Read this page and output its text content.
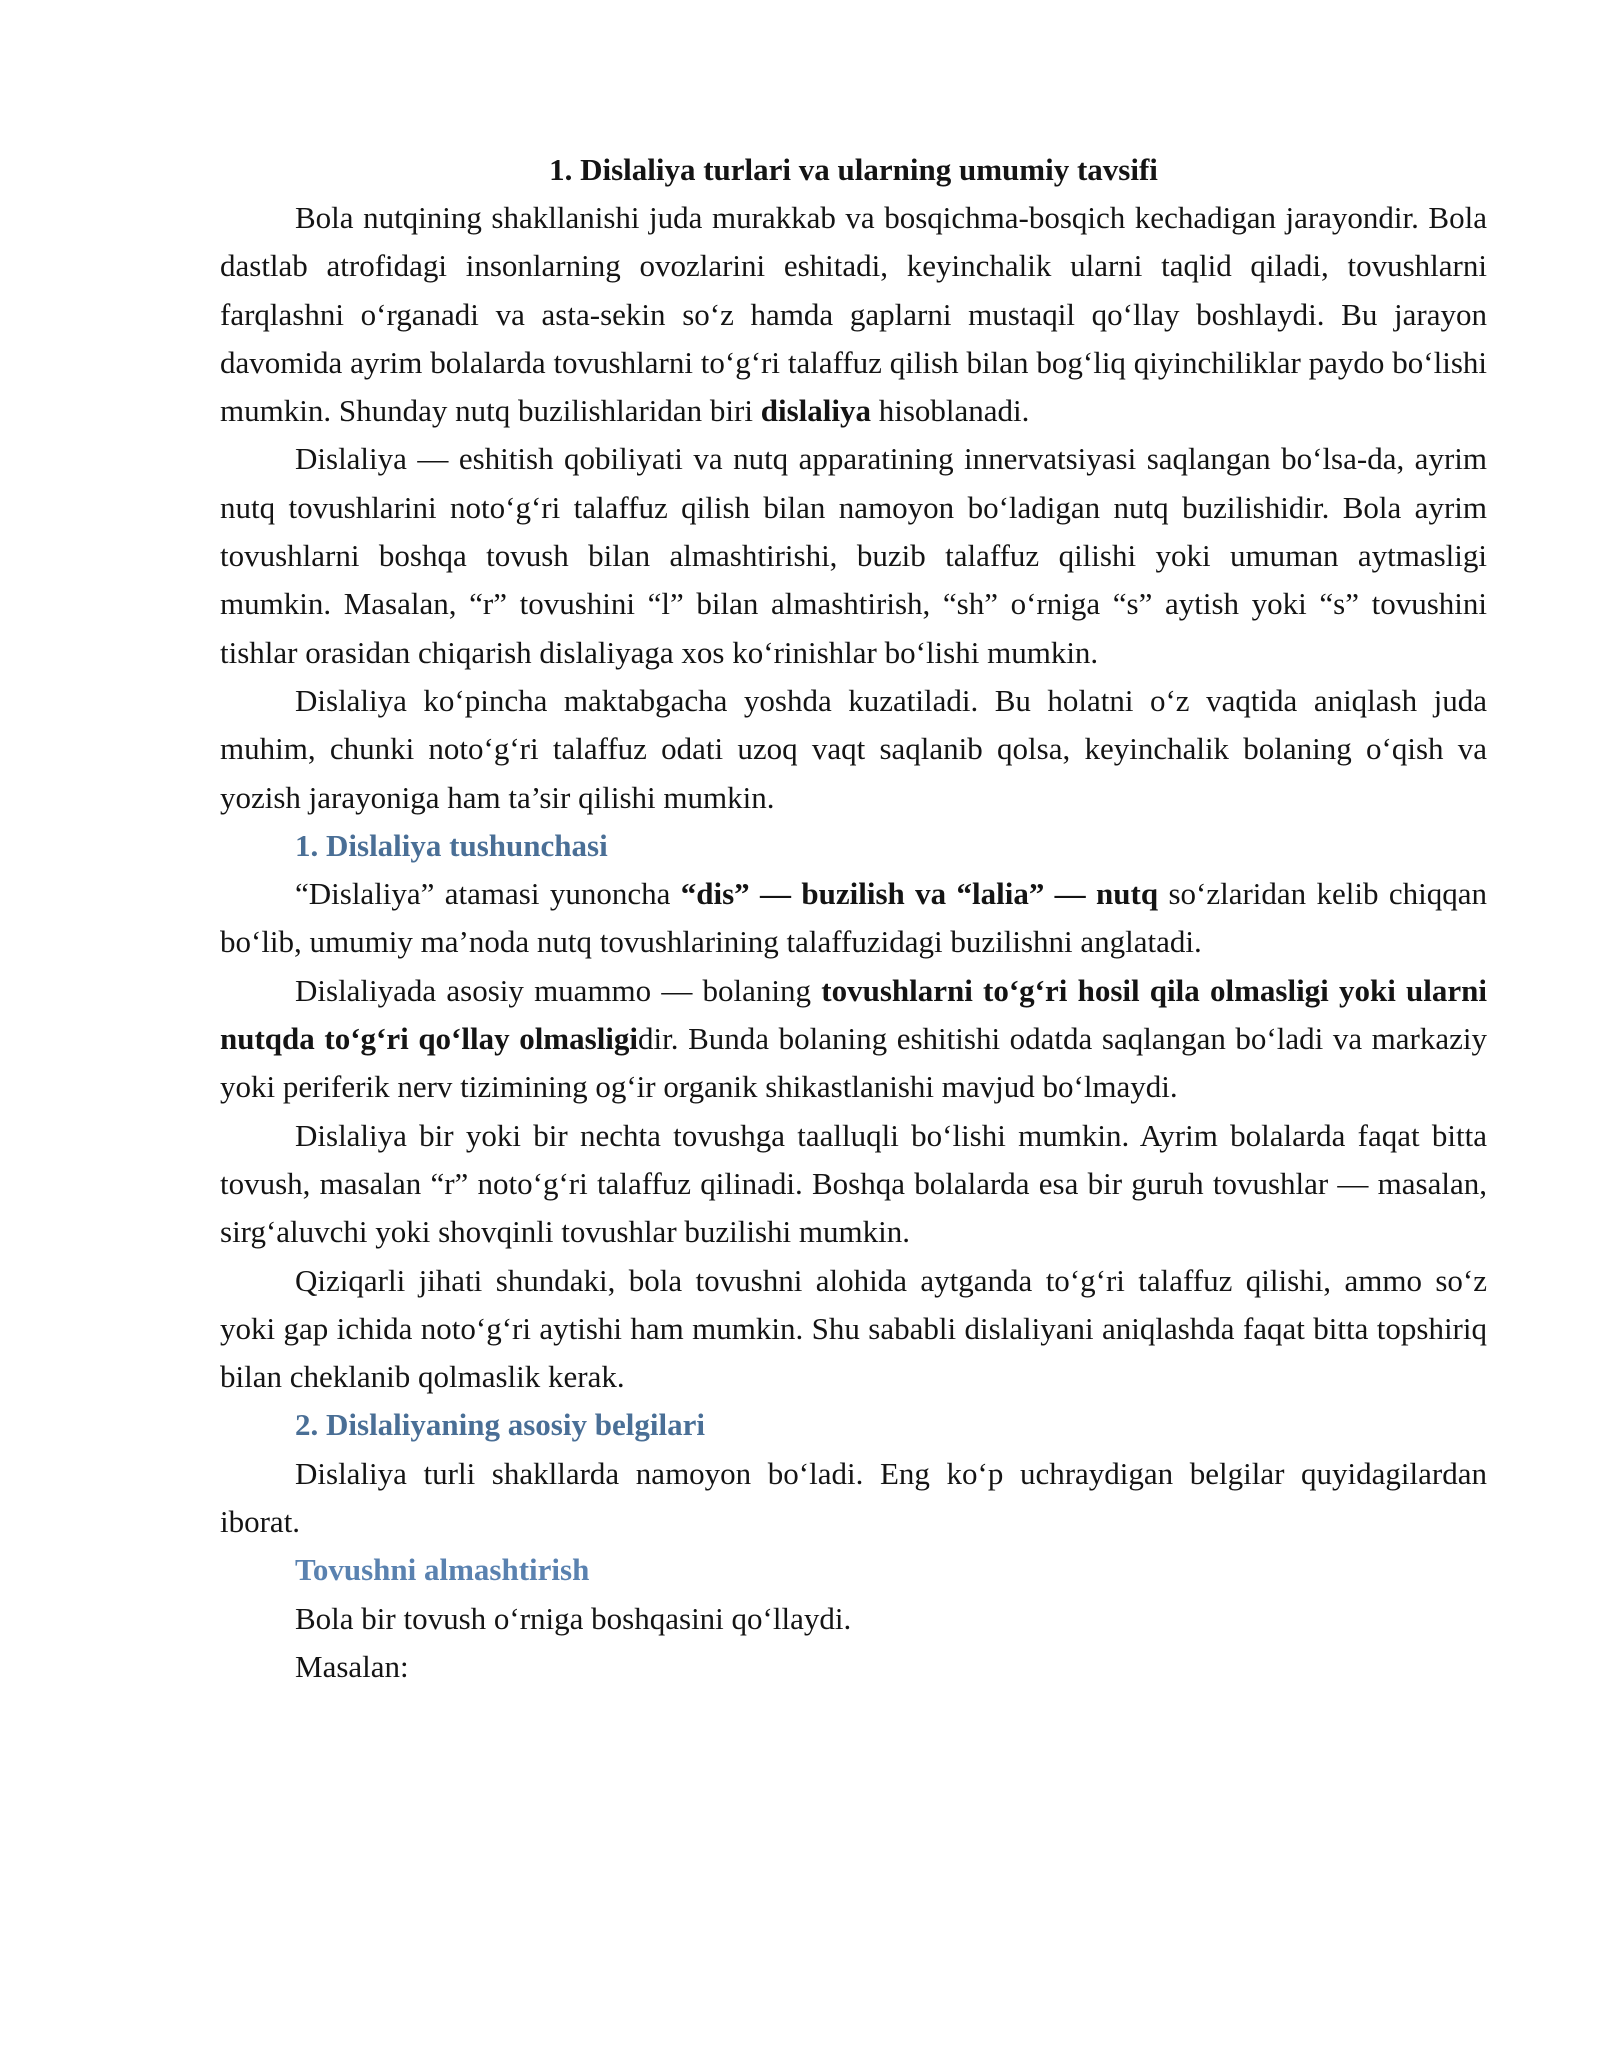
1. Dislaliya turlari va ularning umumiy tavsifi

Bola nutqining shakllanishi juda murakkab va bosqichma-bosqich kechadigan jarayondir. Bola dastlab atrofidagi insonlarning ovozlarini eshitadi, keyinchalik ularni taqlid qiladi, tovushlarni farqlashni o‘rganadi va asta-sekin so‘z hamda gaplarni mustaqil qo‘llay boshlaydi. Bu jarayon davomida ayrim bolalarda tovushlarni to‘g‘ri talaffuz qilish bilan bog‘liq qiyinchiliklar paydo bo‘lishi mumkin. Shunday nutq buzilishlaridan biri dislaliya hisoblanadi.

Dislaliya — eshitish qobiliyati va nutq apparatining innervatsiyasi saqlangan bo‘lsa-da, ayrim nutq tovushlarini noto‘g‘ri talaffuz qilish bilan namoyon bo‘ladigan nutq buzilishidir. Bola ayrim tovushlarni boshqa tovush bilan almashtirishi, buzib talaffuz qilishi yoki umuman aytmasligi mumkin. Masalan, “r” tovushini “l” bilan almashtirish, “sh” o‘rniga “s” aytish yoki “s” tovushini tishlar orasidan chiqarish dislaliyaga xos ko‘rinishlar bo‘lishi mumkin.

Dislaliya ko‘pincha maktabgacha yoshda kuzatiladi. Bu holatni o‘z vaqtida aniqlash juda muhim, chunki noto‘g‘ri talaffuz odati uzoq vaqt saqlanib qolsa, keyinchalik bolaning o‘qish va yozish jarayoniga ham ta’sir qilishi mumkin.

1. Dislaliya tushunchasi

“Dislaliya” atamasi yunoncha “dis” — buzilish va “lalia” — nutq so‘zlaridan kelib chiqqan bo‘lib, umumiy ma’noda nutq tovushlarining talaffuzidagi buzilishni anglatadi.

Dislaliyada asosiy muammo — bolaning tovushlarni to‘g‘ri hosil qila olmasligi yoki ularni nutqda to‘g‘ri qo‘llay olmasligidir. Bunda bolaning eshitishi odatda saqlangan bo‘ladi va markaziy yoki periferik nerv tizimining og‘ir organik shikastlanishi mavjud bo‘lmaydi.

Dislaliya bir yoki bir nechta tovushga taalluqli bo‘lishi mumkin. Ayrim bolalarda faqat bitta tovush, masalan “r” noto‘g‘ri talaffuz qilinadi. Boshqa bolalarda esa bir guruh tovushlar — masalan, sirg‘aluvchi yoki shovqinli tovushlar buzilishi mumkin.

Qiziqarli jihati shundaki, bola tovushni alohida aytganda to‘g‘ri talaffuz qilishi, ammo so‘z yoki gap ichida noto‘g‘ri aytishi ham mumkin. Shu sababli dislaliyani aniqlashda faqat bitta topshiriq bilan cheklanib qolmaslik kerak.

2. Dislaliyaning asosiy belgilari

Dislaliya turli shakllarda namoyon bo‘ladi. Eng ko‘p uchraydigan belgilar quyidagilardan iborat.

Tovushni almashtirish

Bola bir tovush o‘rniga boshqasini qo‘llaydi.

Masalan:
